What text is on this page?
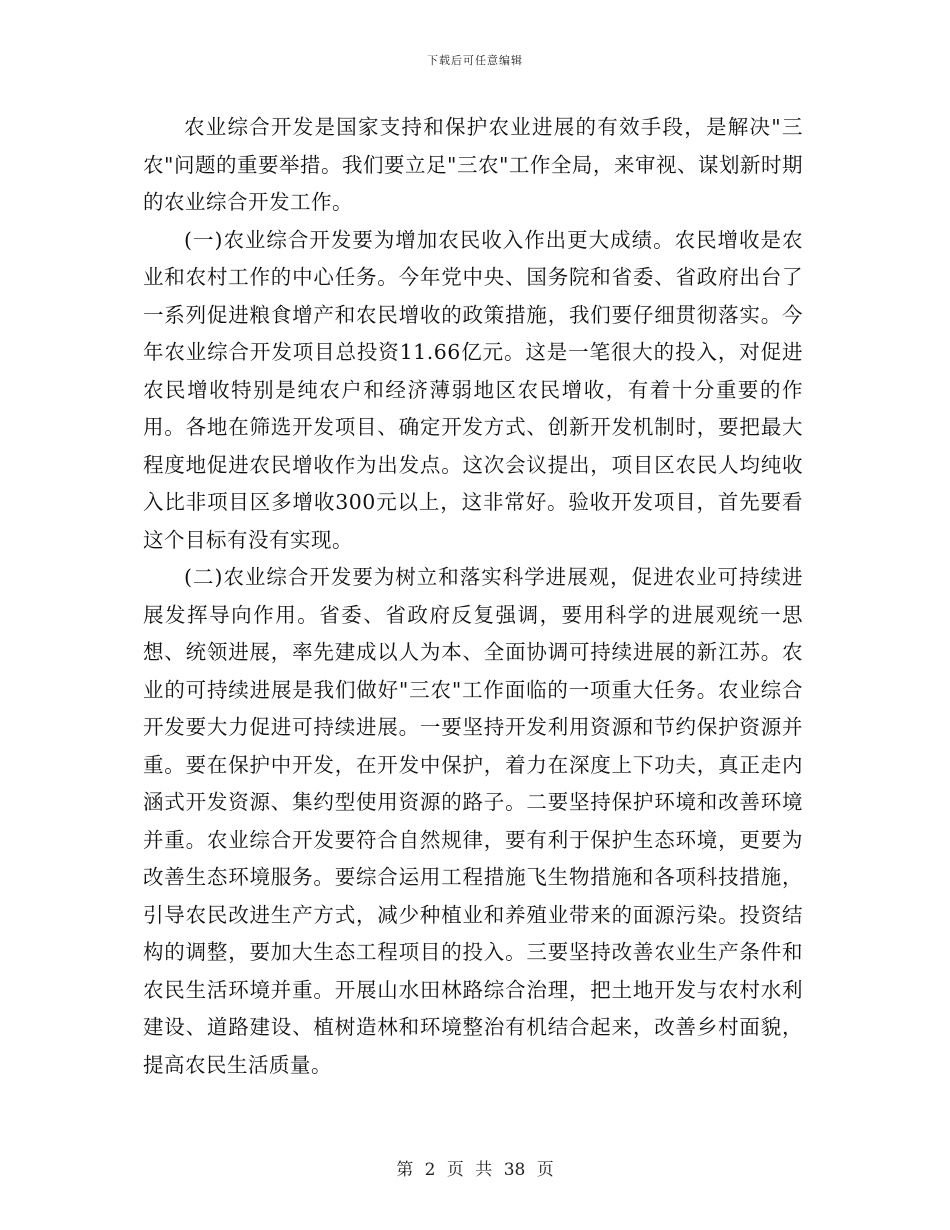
下载后可任意编辑

农业综合开发是国家支持和保护农业进展的有效手段，是解决"三农"问题的重要举措。我们要立足"三农"工作全局，来审视、谋划新时期的农业综合开发工作。

(一)农业综合开发要为增加农民收入作出更大成绩。农民增收是农业和农村工作的中心任务。今年党中央、国务院和省委、省政府出台了一系列促进粮食增产和农民增收的政策措施，我们要仔细贯彻落实。今年农业综合开发项目总投资11.66亿元。这是一笔很大的投入，对促进农民增收特别是纯农户和经济薄弱地区农民增收，有着十分重要的作用。各地在筛选开发项目、确定开发方式、创新开发机制时，要把最大程度地促进农民增收作为出发点。这次会议提出，项目区农民人均纯收入比非项目区多增收300元以上，这非常好。验收开发项目，首先要看这个目标有没有实现。

(二)农业综合开发要为树立和落实科学进展观，促进农业可持续进展发挥导向作用。省委、省政府反复强调，要用科学的进展观统一思想、统领进展，率先建成以人为本、全面协调可持续进展的新江苏。农业的可持续进展是我们做好"三农"工作面临的一项重大任务。农业综合开发要大力促进可持续进展。一要坚持开发利用资源和节约保护资源并重。要在保护中开发，在开发中保护，着力在深度上下功夫，真正走内涵式开发资源、集约型使用资源的路子。二要坚持保护环境和改善环境并重。农业综合开发要符合自然规律，要有利于保护生态环境，更要为改善生态环境服务。要综合运用工程措施飞生物措施和各项科技措施，引导农民改进生产方式，减少种植业和养殖业带来的面源污染。投资结构的调整，要加大生态工程项目的投入。三要坚持改善农业生产条件和农民生活环境并重。开展山水田林路综合治理，把土地开发与农村水利建设、道路建设、植树造林和环境整治有机结合起来，改善乡村面貌，提高农民生活质量。

第 2 页 共 38 页
